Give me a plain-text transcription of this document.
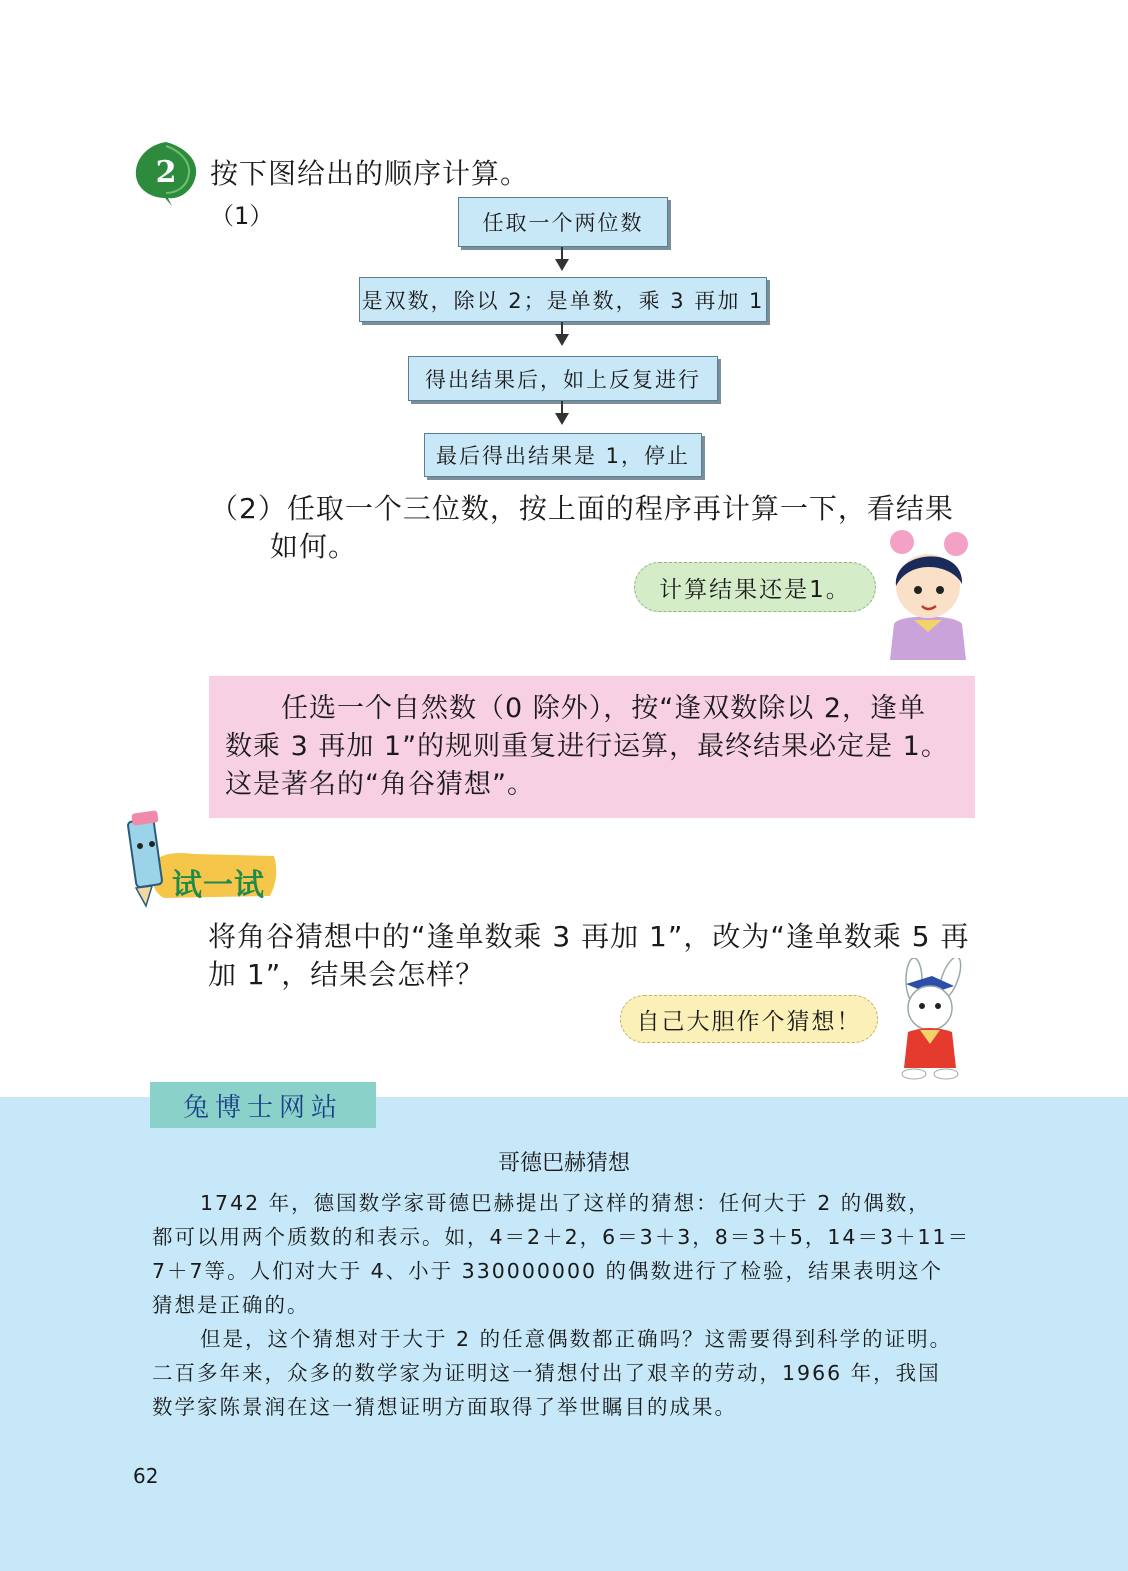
2 按下图给出的顺序计算。
（1）	任取一个两位数
是双数，除以 2；是单数，乘 3 再加 1
得出结果后，如上反复进行
最后得出结果是 1，停止
（2）任取一个三位数，按上面的程序再计算一下，看结果
如何。
计算结果还是1。
任选一个自然数（0 除外），按“逢双数除以 2，逢单
数乘 3 再加 1”的规则重复进行运算，最终结果必定是 1。
这是著名的“角谷猜想”。
试一试
将角谷猜想中的“逢单数乘 3 再加 1”，改为“逢单数乘 5 再
加 1”，结果会怎样？
自己大胆作个猜想！
兔博士网站
哥德巴赫猜想

1742 年，德国数学家哥德巴赫提出了这样的猜想：任何大于 2 的偶数，
都可以用两个质数的和表示。如，4＝2＋2，6＝3＋3，8＝3＋5，14＝3＋11＝
7＋7等。人们对大于 4、小于 330000000 的偶数进行了检验，结果表明这个
猜想是正确的。

但是，这个猜想对于大于 2 的任意偶数都正确吗？这需要得到科学的证明。
二百多年来，众多的数学家为证明这一猜想付出了艰辛的劳动，1966 年，我国
数学家陈景润在这一猜想证明方面取得了举世瞩目的成果。

62
